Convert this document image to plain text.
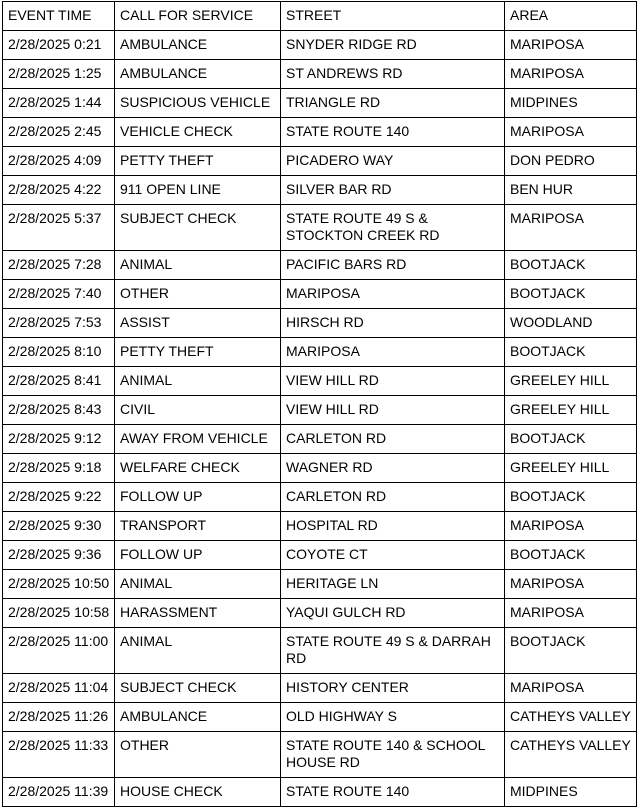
EVENT TIME	CALL FOR SERVICE	STREET	AREA
2/28/2025 0:21	AMBULANCE	SNYDER RIDGE RD	MARIPOSA
2/28/2025 1:25	AMBULANCE	ST ANDREWS RD	MARIPOSA
2/28/2025 1:44	SUSPICIOUS VEHICLE	TRIANGLE RD	MIDPINES
2/28/2025 2:45	VEHICLE CHECK	STATE ROUTE 140	MARIPOSA
2/28/2025 4:09	PETTY THEFT	PICADERO WAY	DON PEDRO
2/28/2025 4:22	911 OPEN LINE	SILVER BAR RD	BEN HUR
2/28/2025 5:37	SUBJECT CHECK	STATE ROUTE 49 S & STOCKTON CREEK RD	MARIPOSA
2/28/2025 7:28	ANIMAL	PACIFIC BARS RD	BOOTJACK
2/28/2025 7:40	OTHER	MARIPOSA	BOOTJACK
2/28/2025 7:53	ASSIST	HIRSCH RD	WOODLAND
2/28/2025 8:10	PETTY THEFT	MARIPOSA	BOOTJACK
2/28/2025 8:41	ANIMAL	VIEW HILL RD	GREELEY HILL
2/28/2025 8:43	CIVIL	VIEW HILL RD	GREELEY HILL
2/28/2025 9:12	AWAY FROM VEHICLE	CARLETON RD	BOOTJACK
2/28/2025 9:18	WELFARE CHECK	WAGNER RD	GREELEY HILL
2/28/2025 9:22	FOLLOW UP	CARLETON RD	BOOTJACK
2/28/2025 9:30	TRANSPORT	HOSPITAL RD	MARIPOSA
2/28/2025 9:36	FOLLOW UP	COYOTE CT	BOOTJACK
2/28/2025 10:50	ANIMAL	HERITAGE LN	MARIPOSA
2/28/2025 10:58	HARASSMENT	YAQUI GULCH RD	MARIPOSA
2/28/2025 11:00	ANIMAL	STATE ROUTE 49 S & DARRAH RD	BOOTJACK
2/28/2025 11:04	SUBJECT CHECK	HISTORY CENTER	MARIPOSA
2/28/2025 11:26	AMBULANCE	OLD HIGHWAY S	CATHEYS VALLEY
2/28/2025 11:33	OTHER	STATE ROUTE 140 & SCHOOL HOUSE RD	CATHEYS VALLEY
2/28/2025 11:39	HOUSE CHECK	STATE ROUTE 140	MIDPINES
